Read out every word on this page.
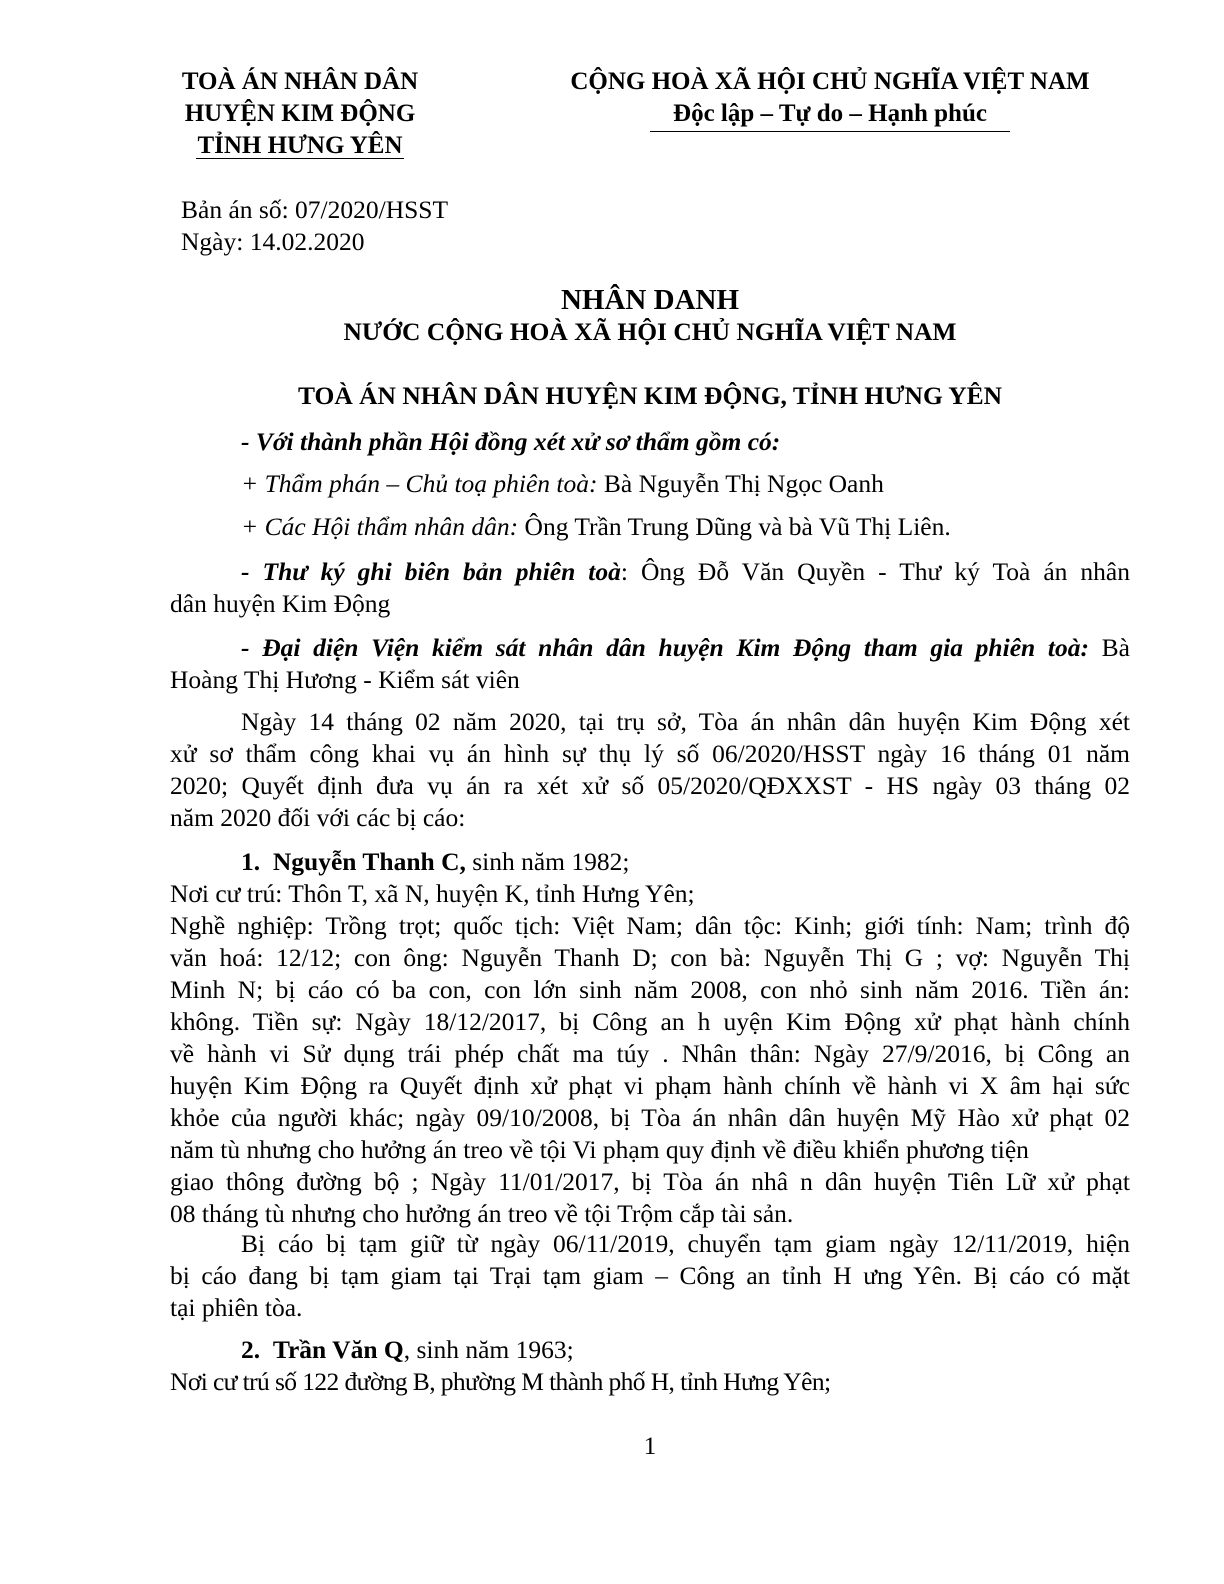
TOÀ ÁN NHÂN DÂN
HUYỆN KIM ĐỘNG
TỈNH HƯNG YÊN
CỘNG HOÀ XÃ HỘI CHỦ NGHĨA VIỆT NAM
Độc lập – Tự do – Hạnh phúc
Bản án số: 07/2020/HSST
Ngày: 14.02.2020
NHÂN DANH
NƯỚC CỘNG HOÀ XÃ HỘI CHỦ NGHĨA VIỆT NAM
TOÀ ÁN NHÂN DÂN HUYỆN KIM ĐỘNG, TỈNH HƯNG YÊN
- Với thành phần Hội đồng xét xử sơ thẩm gồm có:
+ Thẩm phán – Chủ toạ phiên toà: Bà Nguyễn Thị Ngọc Oanh
+ Các Hội thẩm nhân dân: Ông Trần Trung Dũng và bà Vũ Thị Liên.
- Thư ký ghi biên bản phiên toà: Ông Đỗ Văn Quyền - Thư ký Toà án nhân
dân huyện Kim Động
- Đại diện Viện kiểm sát nhân dân huyện Kim Động tham gia phiên toà: Bà
Hoàng Thị Hương - Kiểm sát viên
Ngày 14 tháng 02 năm 2020, tại trụ sở, Tòa án nhân dân huyện Kim Động xét
xử sơ thẩm công khai vụ án hình sự thụ lý số 06/2020/HSST ngày 16 tháng 01 năm
2020; Quyết định đưa vụ án ra xét xử số 05/2020/QĐXXST - HS ngày 03 tháng 02
năm 2020 đối với các bị cáo:
1. Nguyễn Thanh C, sinh năm 1982;
Nơi cư trú: Thôn T, xã N, huyện K, tỉnh Hưng Yên;
Nghề nghiệp: Trồng trọt; quốc tịch: Việt Nam; dân tộc: Kinh; giới tính: Nam; trình độ
văn hoá: 12/12; con ông: Nguyễn Thanh D; con bà: Nguyễn Thị G ; vợ: Nguyễn Thị
Minh N; bị cáo có ba con, con lớn sinh năm 2008, con nhỏ sinh năm 2016. Tiền án:
không. Tiền sự: Ngày 18/12/2017, bị Công an h uyện Kim Động xử phạt hành chính
về hành vi Sử dụng trái phép chất ma túy . Nhân thân: Ngày 27/9/2016, bị Công an
huyện Kim Động ra Quyết định xử phạt vi phạm hành chính về hành vi X âm hại sức
khỏe của người khác; ngày 09/10/2008, bị Tòa án nhân dân huyện Mỹ Hào xử phạt 02
năm tù nhưng cho hưởng án treo về tội Vi phạm quy định về điều khiển phương tiện
giao thông đường bộ ; Ngày 11/01/2017, bị Tòa án nhâ n dân huyện Tiên Lữ xử phạt
08 tháng tù nhưng cho hưởng án treo về tội Trộm cắp tài sản.
Bị cáo bị tạm giữ từ ngày 06/11/2019, chuyển tạm giam ngày 12/11/2019, hiện
bị cáo đang bị tạm giam tại Trại tạm giam – Công an tỉnh H ưng Yên. Bị cáo có mặt
tại phiên tòa.
2. Trần Văn Q, sinh năm 1963;
Nơi cư trú số 122 đường B, phường M thành phố H, tỉnh Hưng Yên;
1
